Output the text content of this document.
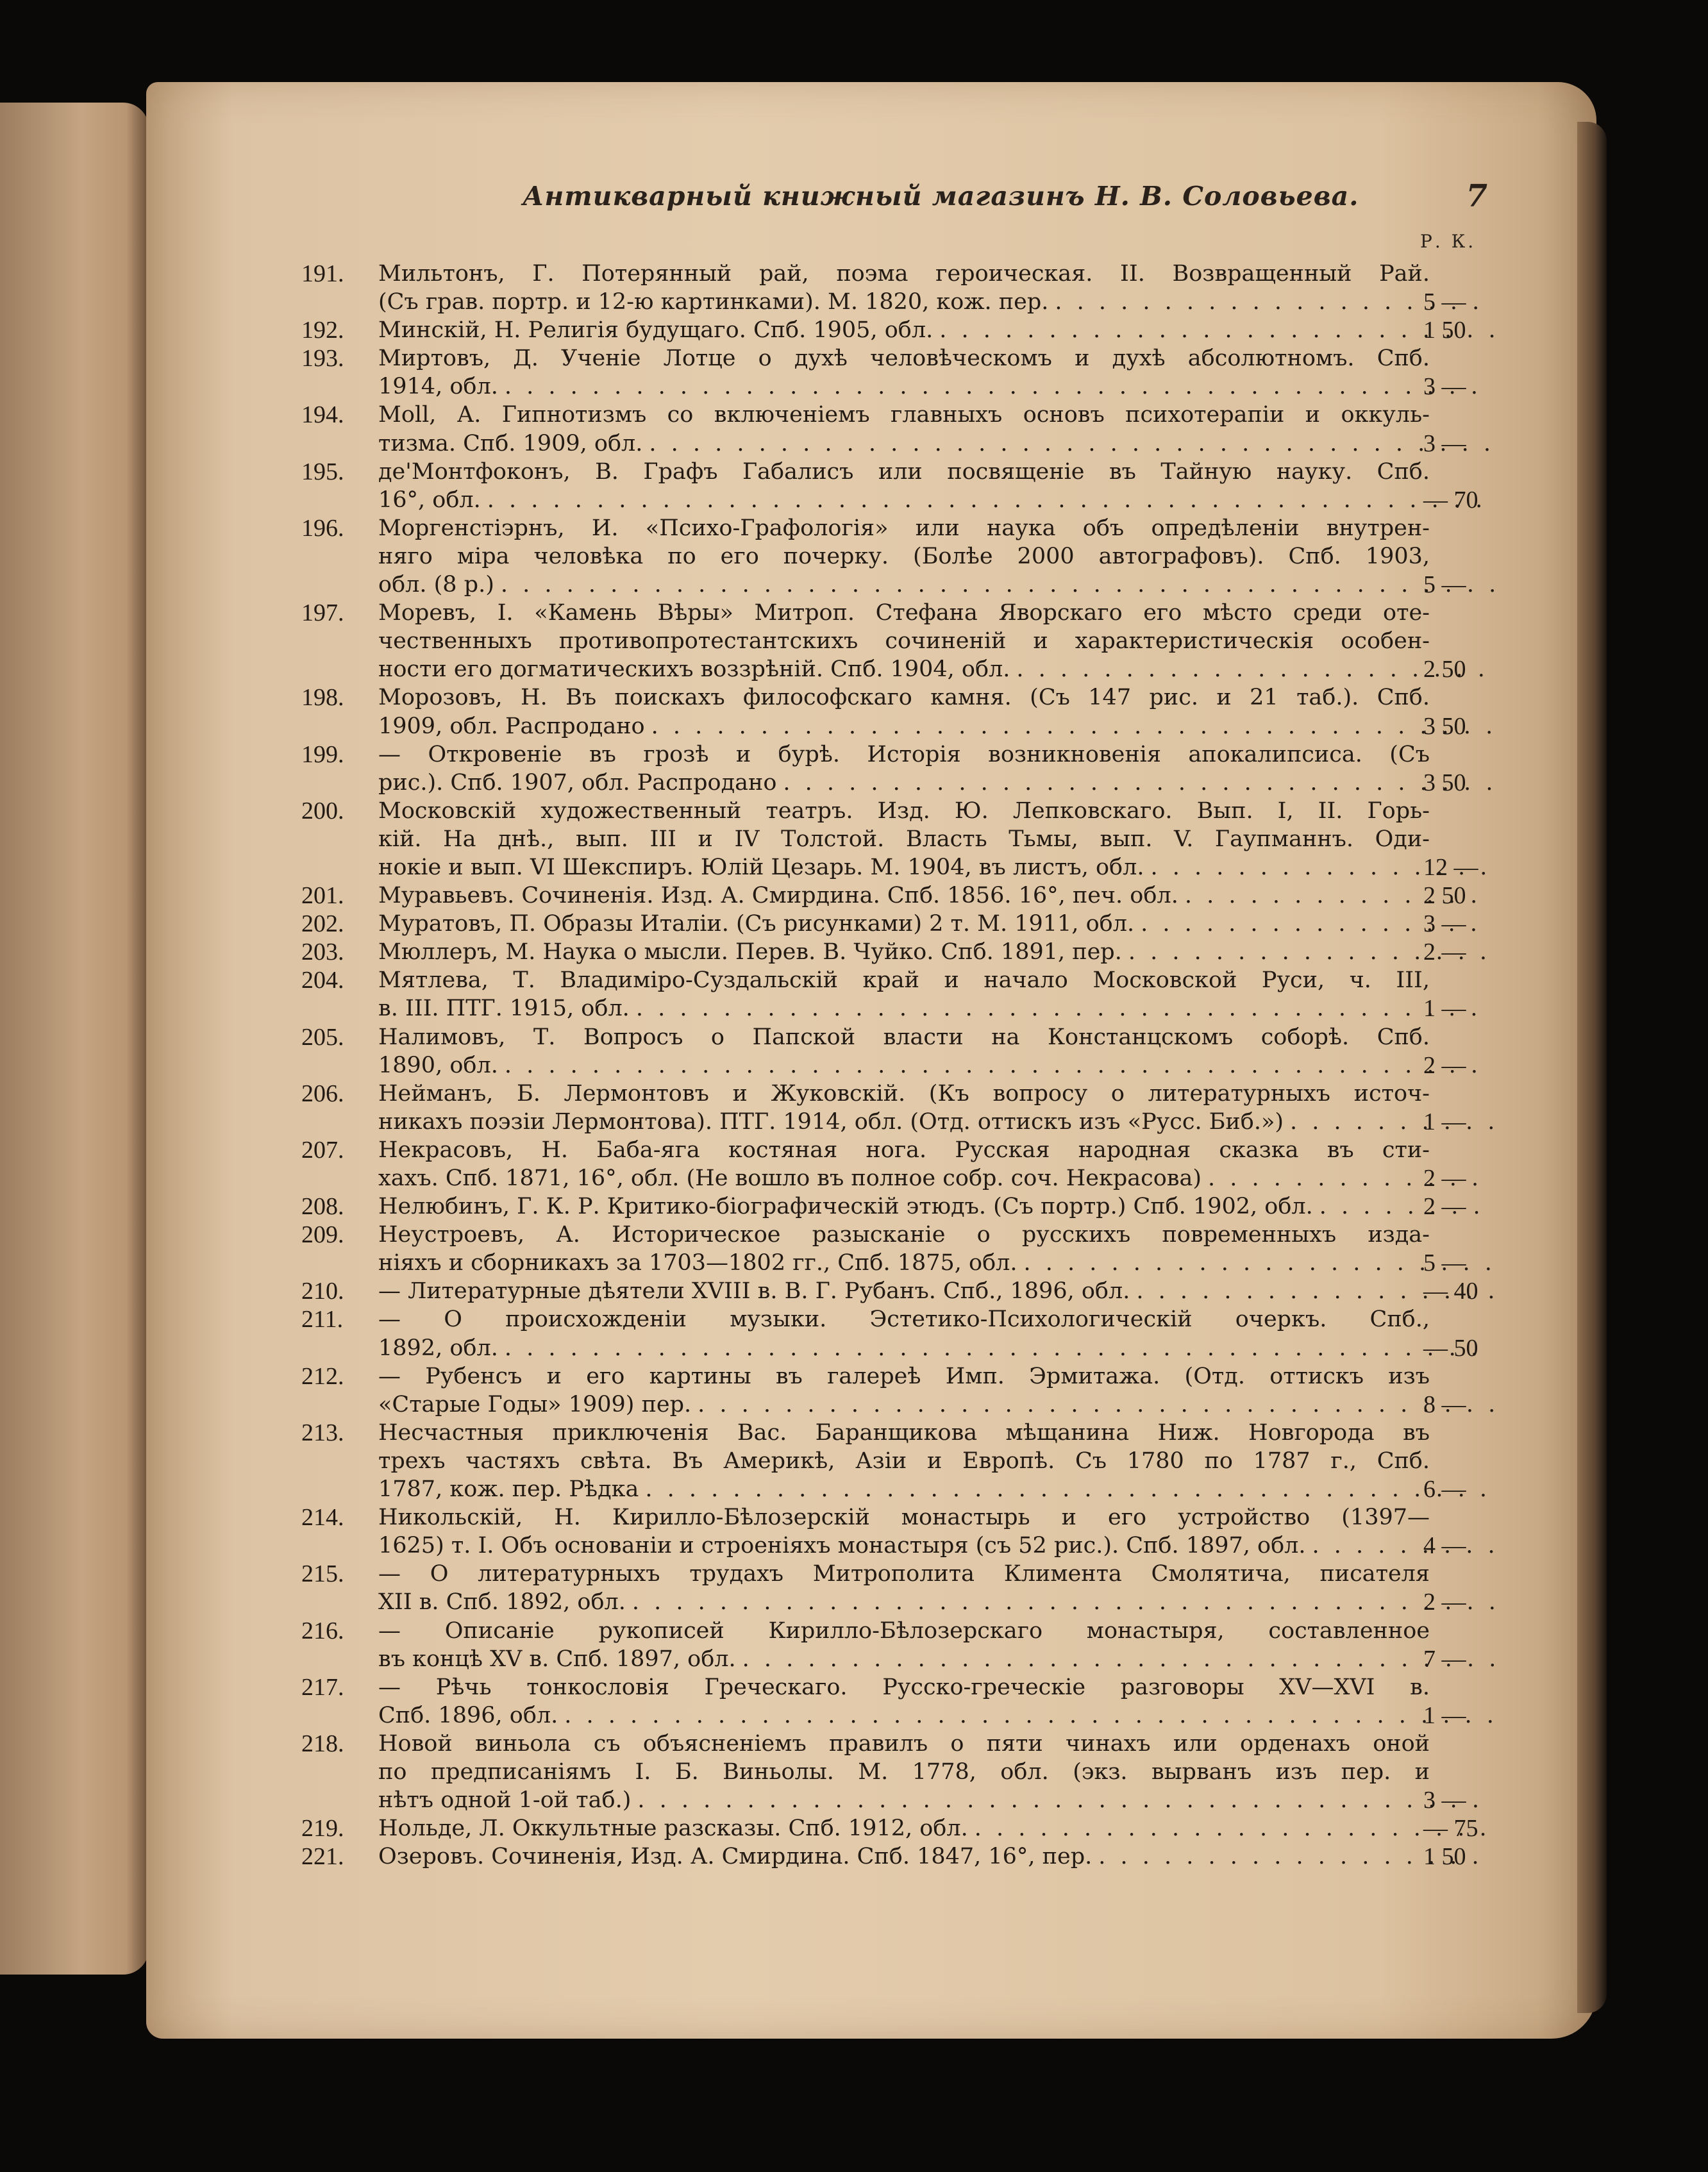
Антикварный книжный магазинъ Н. В. Соловьева.	7
Р. К.
191.	Мильтонъ, Г. Потерянный рай, поэма героическая. II. Возвращенный Рай.
(Съ грав. портр. и 12-ю картинками). М. 1820, кож. пер.	5 —
. . .
192.	Минскій, Н. Религія будущаго. Спб. 1905, обл.	1 50
. . .
193.	Миртовъ, Д. Ученіе Лотце о духѣ человѣческомъ и духѣ абсолютномъ. Спб.
1914, обл.	3 —
. . .
194.	Moll, А. Гипнотизмъ со включеніемъ главныхъ основъ психотерапіи и оккуль-
тизма. Спб. 1909, обл.	3 —
. . .
195.	де'Монтфоконъ, В. Графъ Габалисъ или посвященіе въ Тайную науку. Спб.
16°, обл.	— 70
. . .
196.	Моргенстіэрнъ, И. «Психо-Графологія» или наука объ опредѣленіи внутрен-
няго міра человѣка по его почерку. (Болѣе 2000 автографовъ). Спб. 1903,
обл. (8 р.)	5 —
. . .
197.	Моревъ, І. «Камень Вѣры» Митроп. Стефана Яворскаго его мѣсто среди оте-
чественныхъ противопротестантскихъ сочиненій и характеристическія особен-
ности его догматическихъ воззрѣній. Спб. 1904, обл.	2 50
. . .
198.	Морозовъ, Н. Въ поискахъ философскаго камня. (Съ 147 рис. и 21 таб.). Спб.
1909, обл. Распродано	3 50
. . .
199.	— Откровеніе въ грозѣ и бурѣ. Исторія возникновенія апокалипсиса. (Съ
рис.). Спб. 1907, обл. Распродано	3 50
. . .
200.	Московскій художественный театръ. Изд. Ю. Лепковскаго. Вып. I, II. Горь-
кій. На днѣ., вып. III и IV Толстой. Власть Тьмы, вып. V. Гаупманнъ. Оди-
нокіе и вып. VI Шекспиръ. Юлій Цезарь. М. 1904, въ листъ, обл.	12 —
. . .
201.	Муравьевъ. Сочиненія. Изд. А. Смирдина. Спб. 1856. 16°, печ. обл.	2 50
. . .
202.	Муратовъ, П. Образы Италіи. (Съ рисунками) 2 т. М. 1911, обл.	3 —
. . .
203.	Мюллеръ, М. Наука о мысли. Перев. В. Чуйко. Спб. 1891, пер.	2 —
. . .
204.	Мятлева, Т. Владиміро-Суздальскій край и начало Московской Руси, ч. III,
в. III. ПТГ. 1915, обл.	1 —
. . .
205.	Налимовъ, Т. Вопросъ о Папской власти на Констанцскомъ соборѣ. Спб.
1890, обл.	2 —
. . .
206.	Нейманъ, Б. Лермонтовъ и Жуковскій. (Къ вопросу о литературныхъ источ-
никахъ поэзіи Лермонтова). ПТГ. 1914, обл. (Отд. оттискъ изъ «Русс. Биб.»)	1 —
. . .
207.	Некрасовъ, Н. Баба-яга костяная нога. Русская народная сказка въ сти-
хахъ. Спб. 1871, 16°, обл. (Не вошло въ полное собр. соч. Некрасова)	2 —
. . .
208.	Нелюбинъ, Г. К. Р. Критико-біографическій этюдъ. (Съ портр.) Спб. 1902, обл.	2 —
. . .
209.	Неустроевъ, А. Историческое разысканіе о русскихъ повременныхъ изда-
ніяхъ и сборникахъ за 1703—1802 гг., Спб. 1875, обл.	5 —
. . .
210.	— Литературные дѣятели XVIII в. В. Г. Рубанъ. Спб., 1896, обл.	— 40
. . .
211.	— О происхожденіи музыки. Эстетико-Психологическій очеркъ. Спб.,
1892, обл.	— 50
. . .
212.	— Рубенсъ и его картины въ галереѣ Имп. Эрмитажа. (Отд. оттискъ изъ
«Старые Годы» 1909) пер.	8 —
. . .
213.	Несчастныя приключенія Вас. Баранщикова мѣщанина Ниж. Новгорода въ
трехъ частяхъ свѣта. Въ Америкѣ, Азіи и Европѣ. Съ 1780 по 1787 г., Спб.
1787, кож. пер. Рѣдка	6 —
. . .
214.	Никольскій, Н. Кирилло-Бѣлозерскій монастырь и его устройство (1397—
1625) т. I. Объ основаніи и строеніяхъ монастыря (съ 52 рис.). Спб. 1897, обл.	4 —
. . .
215.	— О литературныхъ трудахъ Митрополита Климента Смолятича, писателя
XII в. Спб. 1892, обл.	2 —
. . .
216.	— Описаніе рукописей Кирилло-Бѣлозерскаго монастыря, составленное
въ концѣ XV в. Спб. 1897, обл.	7 —
. . .
217.	— Рѣчь тонкословія Греческаго. Русско-греческіе разговоры XV—XVI в.
Спб. 1896, обл.	1 —
. . .
218.	Новой виньола съ объясненіемъ правилъ о пяти чинахъ или орденахъ оной
по предписаніямъ І. Б. Виньолы. М. 1778, обл. (экз. вырванъ изъ пер. и
нѣтъ одной 1-ой таб.)	3 —
. . .
219.	Нольде, Л. Оккультные разсказы. Спб. 1912, обл.	— 75
. . .
221.	Озеровъ. Сочиненія, Изд. А. Смирдина. Спб. 1847, 16°, пер.	1 50
. . .
